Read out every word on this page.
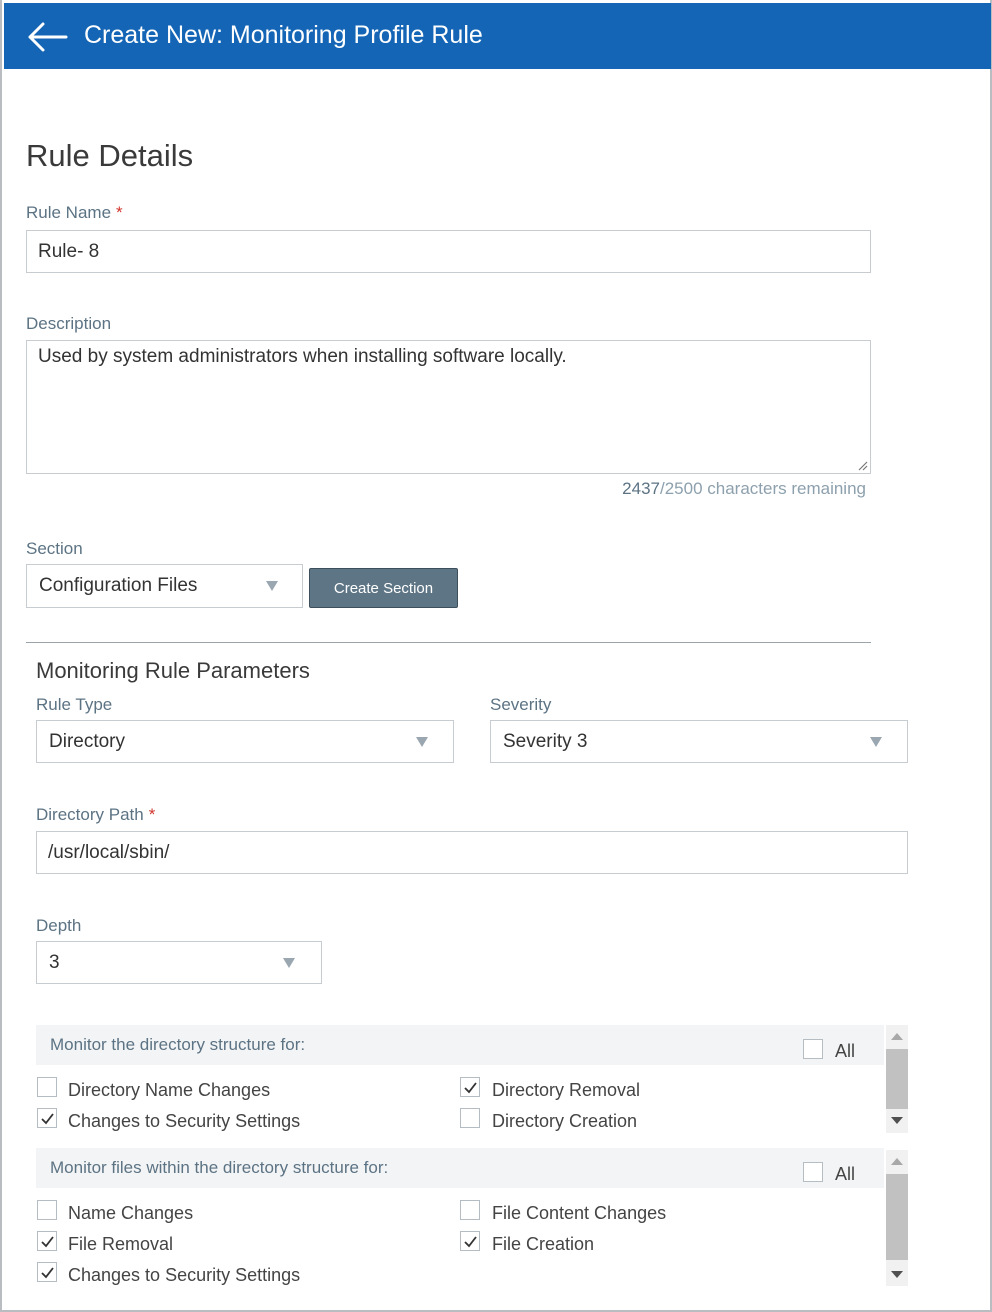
Create New: Monitoring Profile Rule
Rule Details
Rule Name *
Rule- 8
Description
Used by system administrators when installing software locally.
2437/2500 characters remaining
Section
Configuration Files	Create Section
Monitoring Rule Parameters
Rule Type
Directory
Severity
Severity 3
Directory Path *
/usr/local/sbin/
Depth
3
Monitor the directory structure for:	All
Directory Name Changes	Directory Removal
Changes to Security Settings	Directory Creation
Monitor files within the directory structure for:	All
Name Changes	File Content Changes
File Removal	File Creation
Changes to Security Settings
